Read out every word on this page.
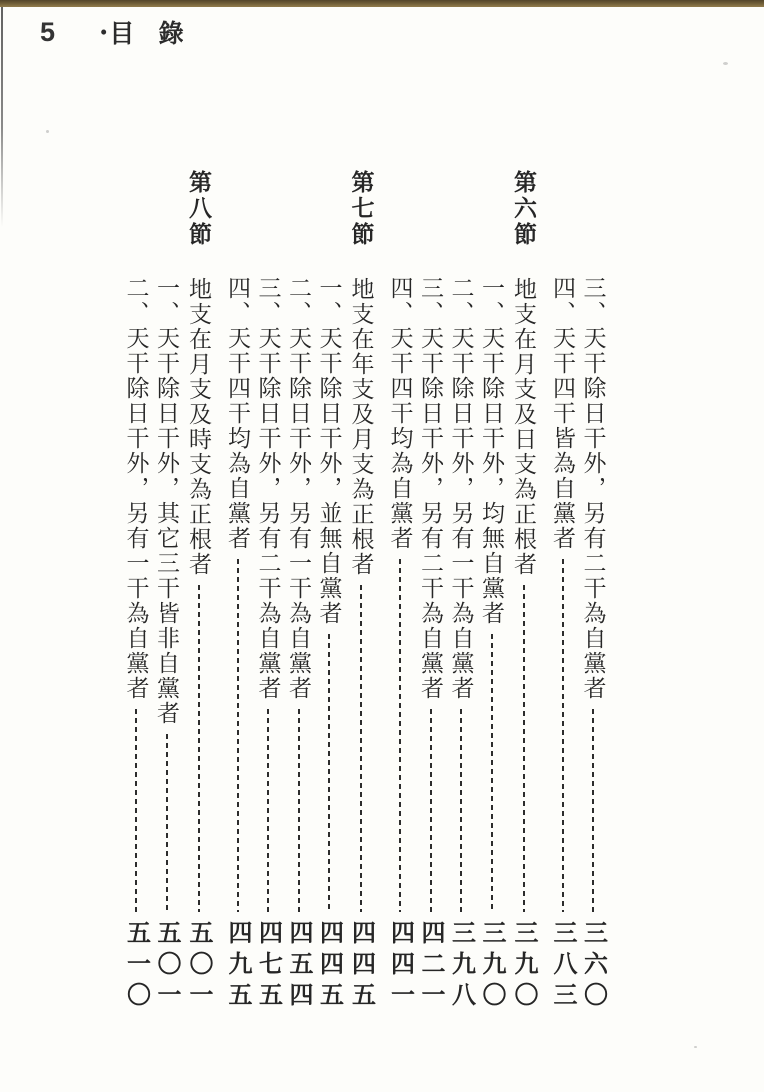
5 • 目 錄
三、天干除日干外，另有二干為自黨者
三六〇
四、天干四干皆為自黨者
三八三
第六節
地支在月支及日支為正根者
三九〇
一、天干除日干外，均無自黨者
三九〇
二、天干除日干外，另有一干為自黨者
三九八
三、天干除日干外，另有二干為自黨者
四二一
四、天干四干均為自黨者
四四一
第七節
地支在年支及月支為正根者
四四五
一、天干除日干外，並無自黨者
四四五
二、天干除日干外，另有一干為自黨者
四五四
三、天干除日干外，另有二干為自黨者
四七五
四、天干四干均為自黨者
四九五
第八節
地支在月支及時支為正根者
五〇一
一、天干除日干外，其它三干皆非自黨者
五〇一
二、天干除日干外，另有一干為自黨者
五一〇
